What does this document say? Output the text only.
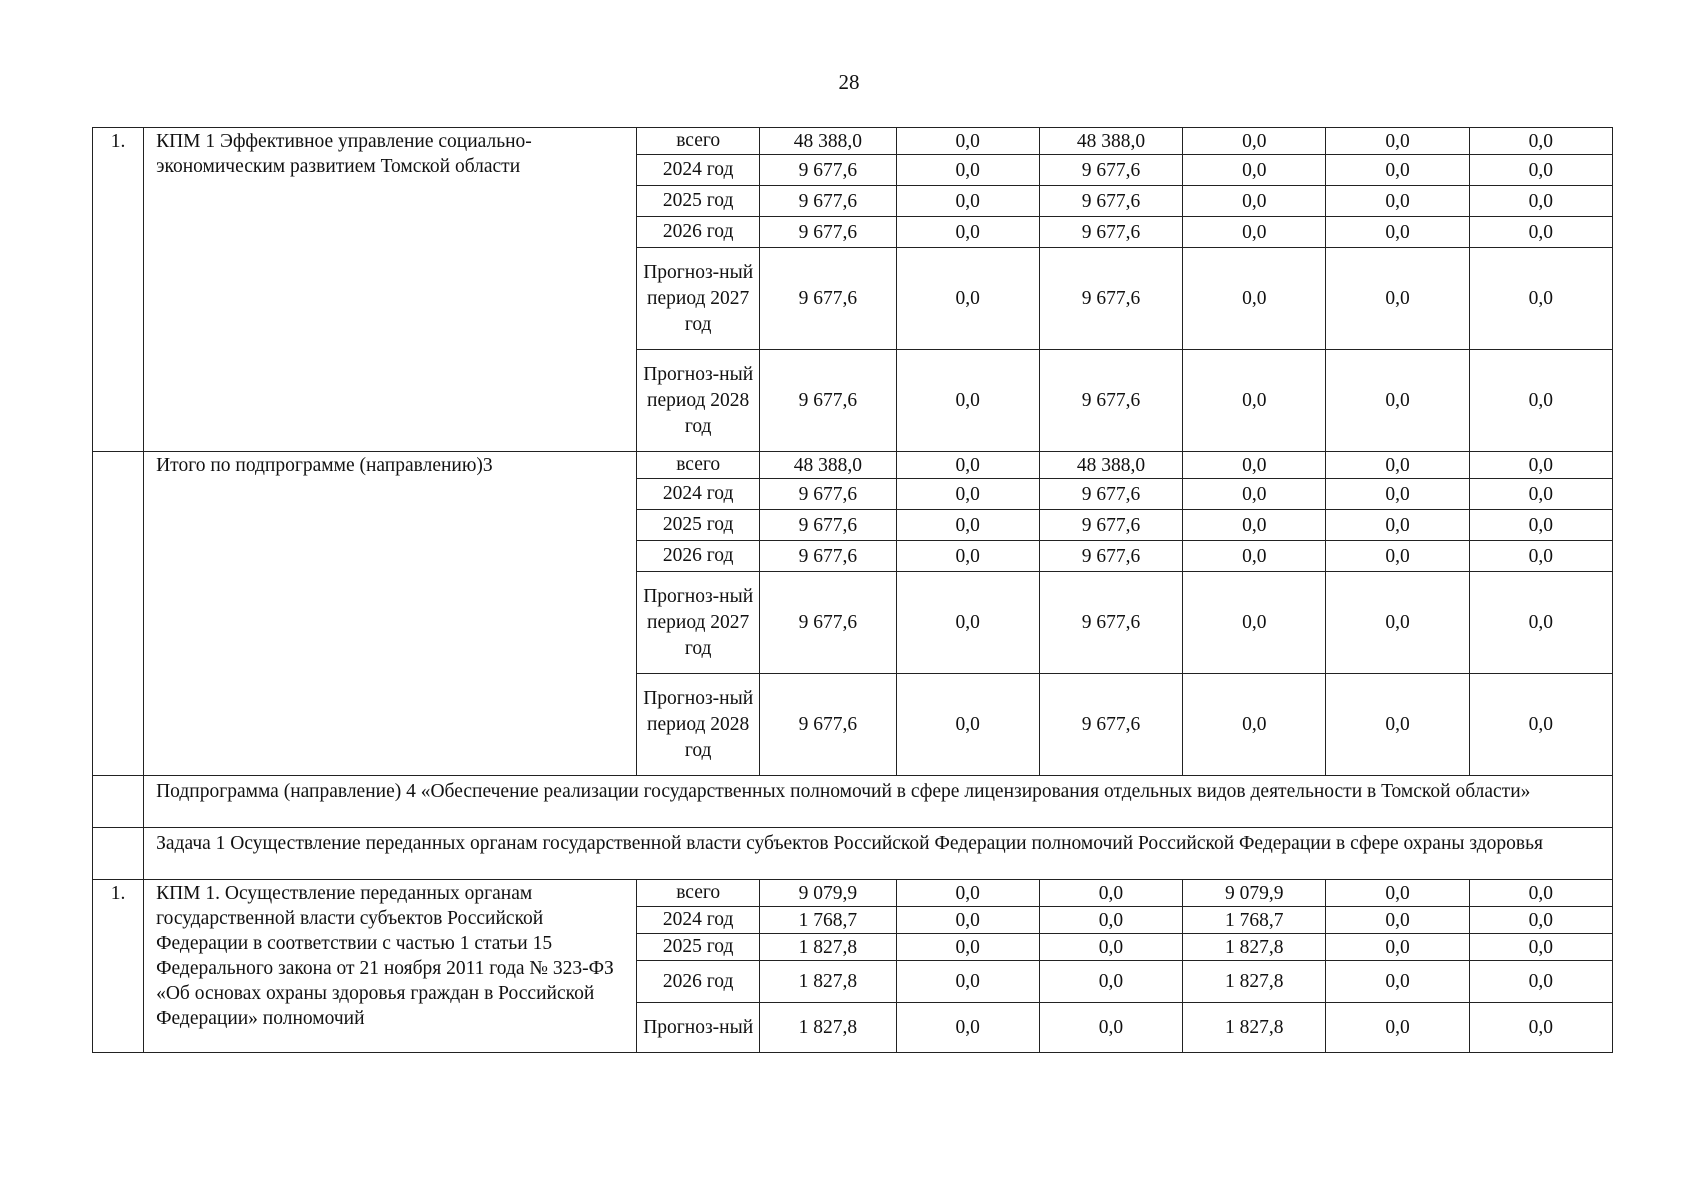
28
1.	КПМ 1 Эффективное управление социально-экономическим развитием Томской области	всего	48 388,0	0,0	48 388,0	0,0	0,0	0,0
		2024 год	9 677,6	0,0	9 677,6	0,0	0,0	0,0
		2025 год	9 677,6	0,0	9 677,6	0,0	0,0	0,0
		2026 год	9 677,6	0,0	9 677,6	0,0	0,0	0,0
		Прогноз-ный период 2027 год	9 677,6	0,0	9 677,6	0,0	0,0	0,0
		Прогноз-ный период 2028 год	9 677,6	0,0	9 677,6	0,0	0,0	0,0
	Итого по подпрограмме (направлению)3	всего	48 388,0	0,0	48 388,0	0,0	0,0	0,0
		2024 год	9 677,6	0,0	9 677,6	0,0	0,0	0,0
		2025 год	9 677,6	0,0	9 677,6	0,0	0,0	0,0
		2026 год	9 677,6	0,0	9 677,6	0,0	0,0	0,0
		Прогноз-ный период 2027 год	9 677,6	0,0	9 677,6	0,0	0,0	0,0
		Прогноз-ный период 2028 год	9 677,6	0,0	9 677,6	0,0	0,0	0,0
	Подпрограмма (направление) 4 «Обеспечение реализации государственных полномочий в сфере лицензирования отдельных видов деятельности в Томской области»							
	Задача 1 Осуществление переданных органам государственной власти субъектов Российской Федерации полномочий Российской Федерации в сфере охраны здоровья							
1.	КПМ 1. Осуществление переданных органам государственной власти субъектов Российской Федерации в соответствии с частью 1 статьи 15 Федерального закона от 21 ноября 2011 года № 323-ФЗ «Об основах охраны здоровья граждан в Российской Федерации» полномочий	всего	9 079,9	0,0	0,0	9 079,9	0,0	0,0
		2024 год	1 768,7	0,0	0,0	1 768,7	0,0	0,0
		2025 год	1 827,8	0,0	0,0	1 827,8	0,0	0,0
		2026 год	1 827,8	0,0	0,0	1 827,8	0,0	0,0
		Прогноз-ный	1 827,8	0,0	0,0	1 827,8	0,0	0,0
